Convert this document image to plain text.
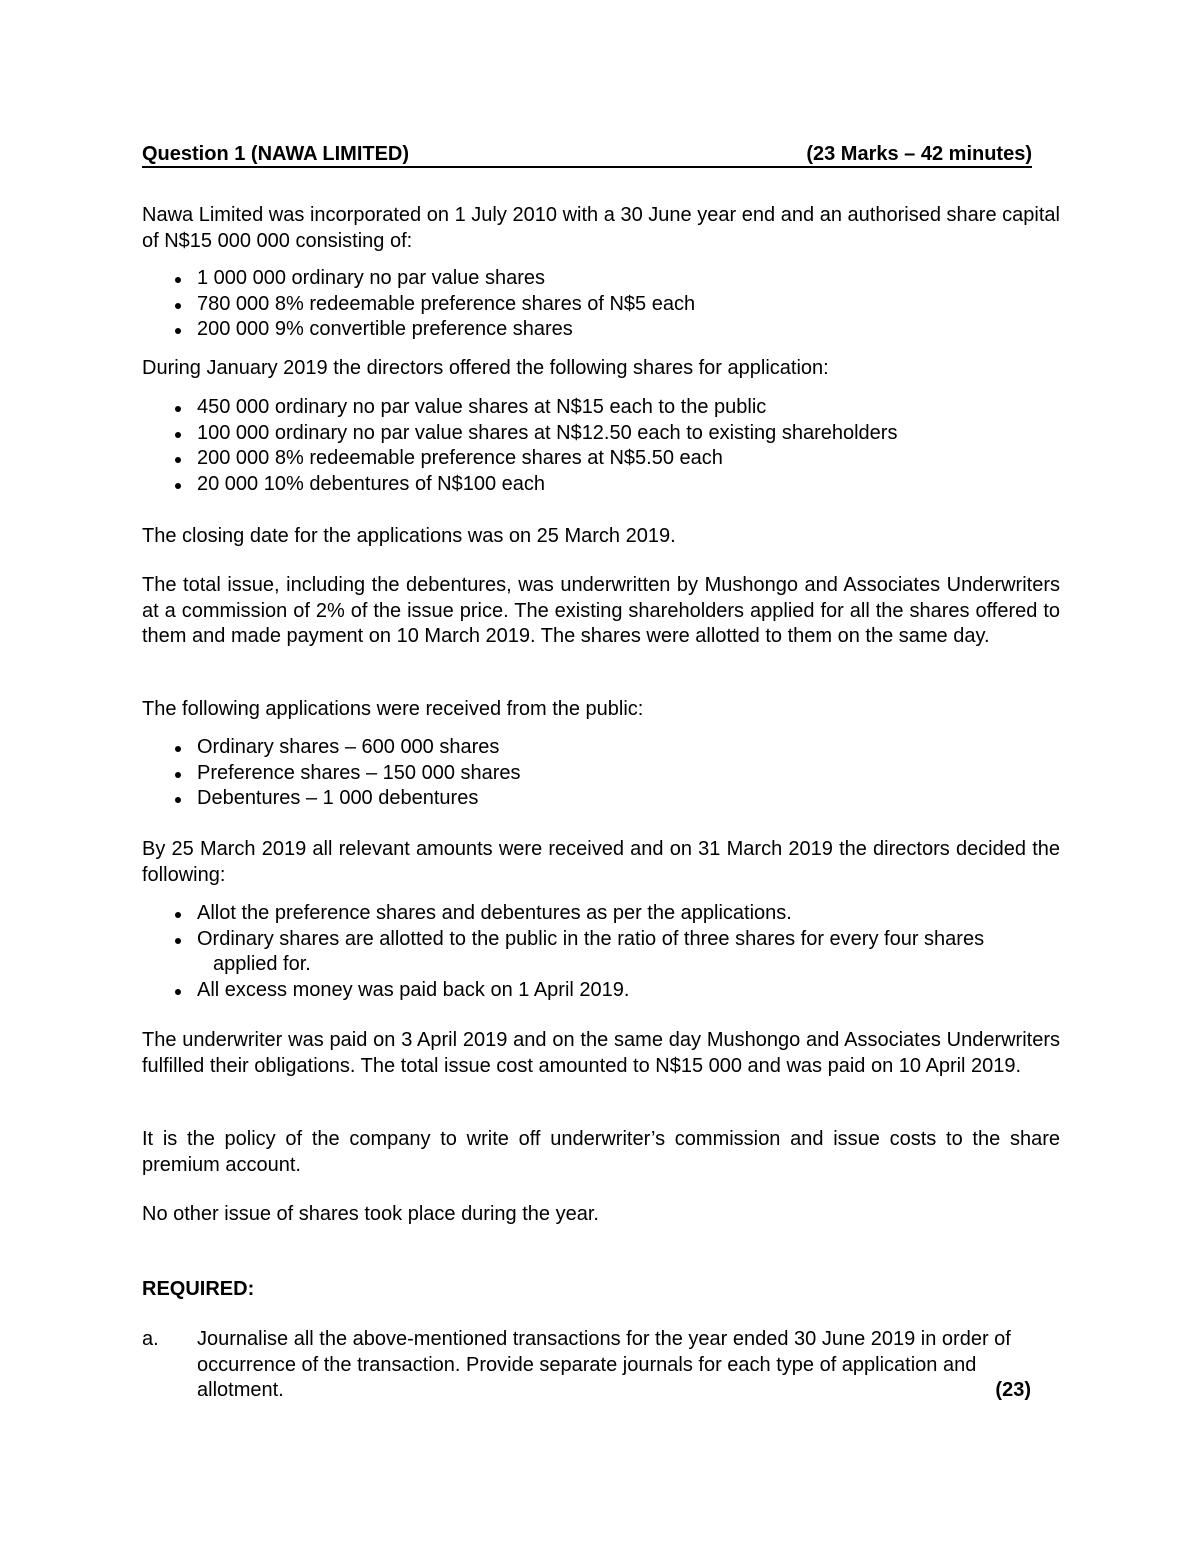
Question 1 (NAWA LIMITED)	(23 Marks – 42 minutes)

Nawa Limited was incorporated on 1 July 2010 with a 30 June year end and an authorised share capital of N$15 000 000 consisting of:

1 000 000 ordinary no par value shares
780 000 8% redeemable preference shares of N$5 each
200 000 9% convertible preference shares

During January 2019 the directors offered the following shares for application:

450 000 ordinary no par value shares at N$15 each to the public
100 000 ordinary no par value shares at N$12.50 each to existing shareholders
200 000 8% redeemable preference shares at N$5.50 each
20 000 10% debentures of N$100 each

The closing date for the applications was on 25 March 2019.

The total issue, including the debentures, was underwritten by Mushongo and Associates Underwriters at a commission of 2% of the issue price. The existing shareholders applied for all the shares offered to them and made payment on 10 March 2019. The shares were allotted to them on the same day.

The following applications were received from the public:

Ordinary shares – 600 000 shares
Preference shares – 150 000 shares
Debentures – 1 000 debentures

By 25 March 2019 all relevant amounts were received and on 31 March 2019 the directors decided the following:

Allot the preference shares and debentures as per the applications.
Ordinary shares are allotted to the public in the ratio of three shares for every four shares
applied for.
All excess money was paid back on 1 April 2019.

The underwriter was paid on 3 April 2019 and on the same day Mushongo and Associates Underwriters fulfilled their obligations. The total issue cost amounted to N$15 000 and was paid on 10 April 2019.

It is the policy of the company to write off underwriter’s commission and issue costs to the share premium account.

No other issue of shares took place during the year.

REQUIRED:
a. Journalise all the above-mentioned transactions for the year ended 30 June 2019 in order of occurrence of the transaction. Provide separate journals for each type of application and allotment.	(23)
